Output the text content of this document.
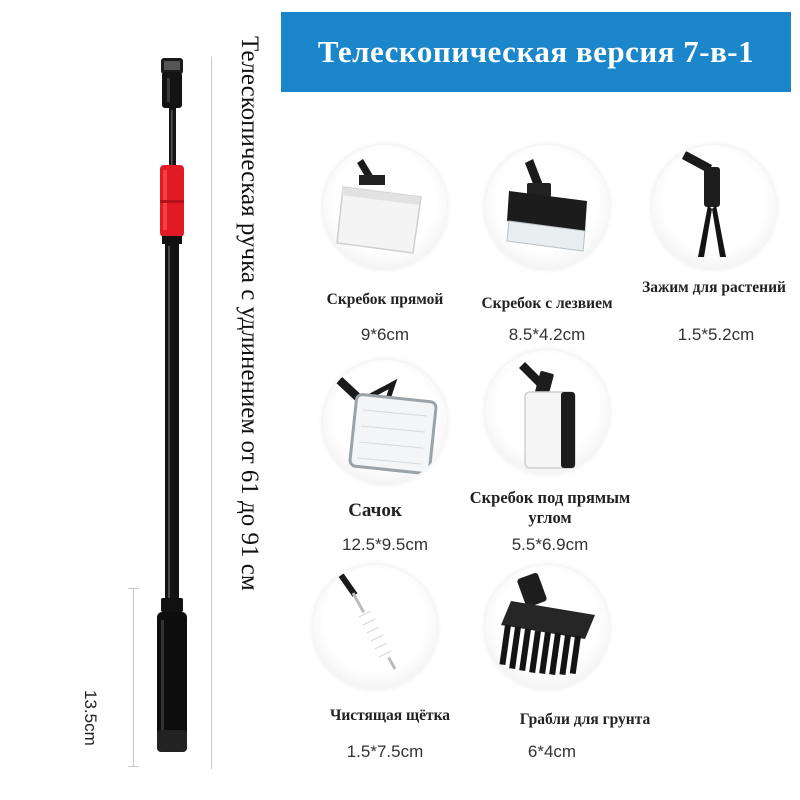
Телескопическая версия 7-в-1
13.5cm
Телескопическая ручка с удлинением от 61 до 91 см	Скребок прямой
9*6cm
Скребок с лезвием
8.5*4.2cm
Зажим для растений
1.5*5.2cm
Сачок
12.5*9.5cm
Скребок под прямым углом
5.5*6.9cm
Чистящая щётка
1.5*7.5cm
Грабли для грунта
6*4cm
